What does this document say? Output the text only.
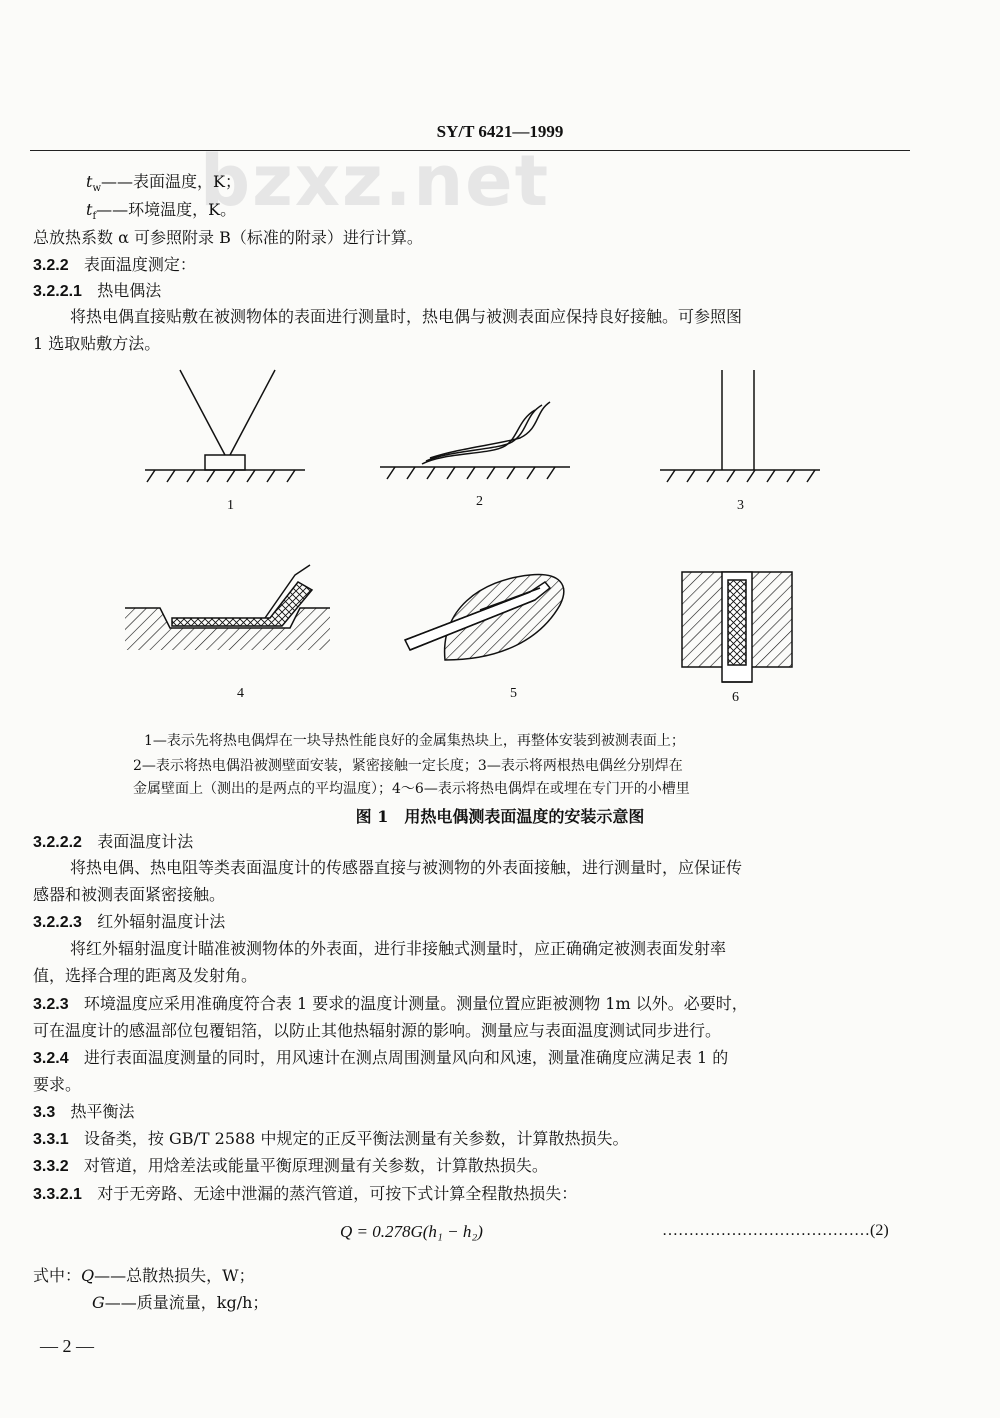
bzxz.net
SY/T 6421—1999
$t_w——$表面温度，K；
$t_f——$环境温度，K。
总放热系数 α 可参照附录 B（标准的附录）进行计算。
3.2.2 表面温度测定：
3.2.2.1 热电偶法
将热电偶直接贴敷在被测物体的表面进行测量时，热电偶与被测表面应保持良好接触。可参照图
1 选取贴敷方法。
1	2	3
4	5	6
1—表示先将热电偶焊在一块导热性能良好的金属集热块上，再整体安装到被测表面上；
2—表示将热电偶沿被测壁面安装，紧密接触一定长度；3—表示将两根热电偶丝分别焊在
金属壁面上（测出的是两点的平均温度）；4～6—表示将热电偶焊在或埋在专门开的小槽里
图 1　用热电偶测表面温度的安装示意图
3.2.2.2 表面温度计法
将热电偶、热电阻等类表面温度计的传感器直接与被测物的外表面接触，进行测量时，应保证传
感器和被测表面紧密接触。
3.2.2.3 红外辐射温度计法
将红外辐射温度计瞄准被测物体的外表面，进行非接触式测量时，应正确确定被测表面发射率
值，选择合理的距离及发射角。
3.2.3 环境温度应采用准确度符合表 1 要求的温度计测量。测量位置应距被测物 1m 以外。必要时，
可在温度计的感温部位包覆铝箔，以防止其他热辐射源的影响。测量应与表面温度测试同步进行。
3.2.4 进行表面温度测量的同时，用风速计在测点周围测量风向和风速，测量准确度应满足表 1 的
要求。
3.3 热平衡法
3.3.1 设备类，按 GB/T 2588 中规定的正反平衡法测量有关参数，计算散热损失。
3.3.2 对管道，用焓差法或能量平衡原理测量有关参数，计算散热损失。
3.3.2.1 对于无旁路、无途中泄漏的蒸汽管道，可按下式计算全程散热损失：
Q = 0.278G(h₁ − h₂)	…………………………………(2)
式中：Q——总散热损失，W；
G——质量流量，kg/h；
— 2 —
